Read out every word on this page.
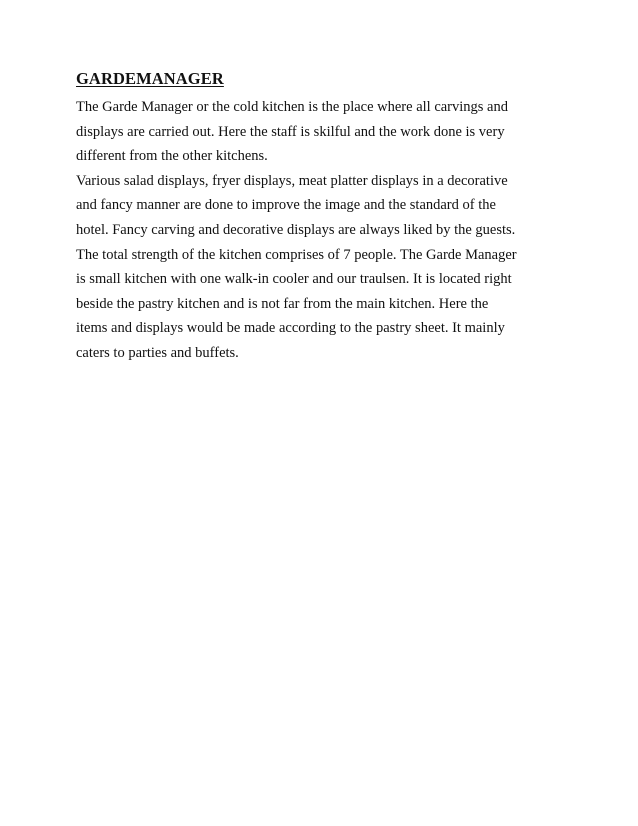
GARDEMANAGER
The Garde Manager or the cold kitchen is the place where all carvings and
displays are carried out. Here the staff is skilful and the work done is very
different from the other kitchens.
Various salad displays, fryer displays, meat platter displays in a decorative
and fancy manner are done to improve the image and the standard of the
hotel. Fancy carving and decorative displays are always liked by the guests.
The total strength of the kitchen comprises of 7 people. The Garde Manager
is small kitchen with one walk-in cooler and our traulsen. It is located right
beside the pastry kitchen and is not far from the main kitchen. Here the
items and displays would be made according to the pastry sheet. It mainly
caters to parties and buffets.
